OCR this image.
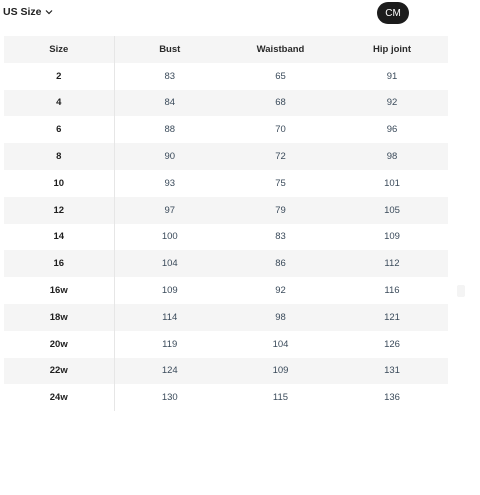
US Size	CM
Size	Bust	Waistband	Hip joint
2	83	65	91
4	84	68	92
6	88	70	96
8	90	72	98
10	93	75	101
12	97	79	105
14	100	83	109
16	104	86	112
16w	109	92	116
18w	114	98	121
20w	119	104	126
22w	124	109	131
24w	130	115	136
